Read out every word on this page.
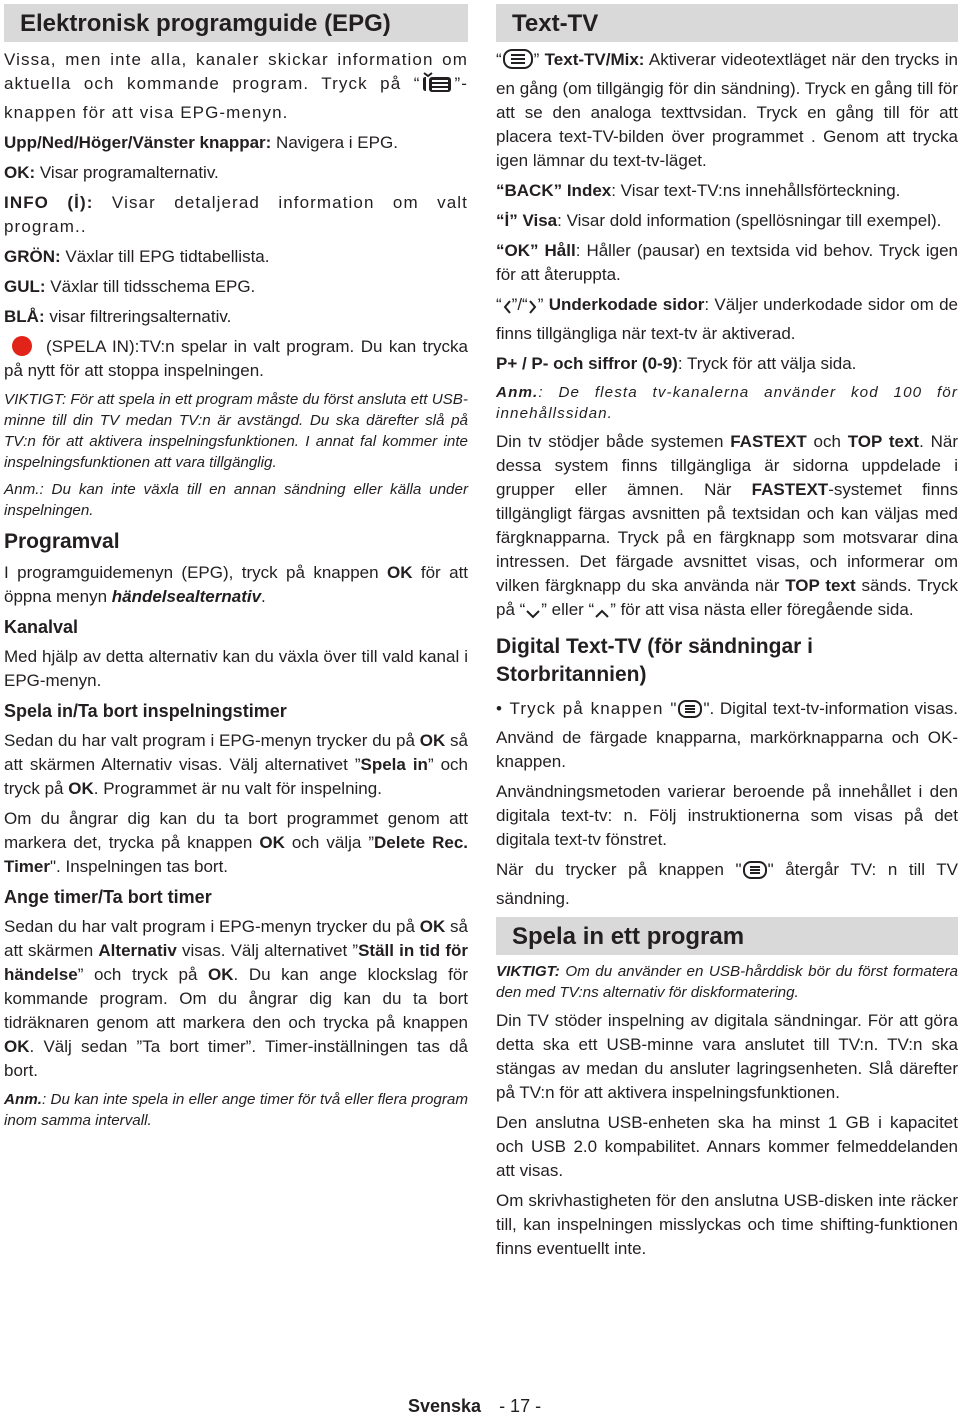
Elektronisk programguide (EPG)

Vissa, men inte alla, kanaler skickar information om aktuella och kommande program. Tryck på “ ”-knappen för att visa EPG-menyn.

Upp/Ned/Höger/Vänster knappar: Navigera i EPG.

OK: Visar programalternativ.

INFO (İ): Visar detaljerad information om valt program..

GRÖN: Växlar till EPG tidtabellista.

GUL: Växlar till tidsschema EPG.

BLÅ: visar filtreringsalternativ.

(SPELA IN):TV:n spelar in valt program. Du kan trycka på nytt för att stoppa inspelningen.

VIKTIGT: För att spela in ett program måste du först ansluta ett USB-minne till din TV medan TV:n är avstängd. Du ska därefter slå på TV:n för att aktivera inspelningsfunktionen. I annat fal kommer inte inspelningsfunktionen att vara tillgänglig.

Anm.: Du kan inte växla till en annan sändning eller källa under inspelningen.

Programval

I programguidemenyn (EPG), tryck på knappen OK för att öppna menyn händelsealternativ.

Kanalval

Med hjälp av detta alternativ kan du växla över till vald kanal i EPG-menyn.

Spela in/Ta bort inspelningstimer

Sedan du har valt program i EPG-menyn trycker du på OK så att skärmen Alternativ visas. Välj alternativet ”Spela in” och tryck på OK. Programmet är nu valt för inspelning.

Om du ångrar dig kan du ta bort programmet genom att markera det, trycka på knappen OK och välja ”Delete Rec. Timer". Inspelningen tas bort.

Ange timer/Ta bort timer

Sedan du har valt program i EPG-menyn trycker du på OK så att skärmen Alternativ visas. Välj alternativet ”Ställ in tid för händelse” och tryck på OK. Du kan ange klockslag för kommande program. Om du ångrar dig kan du ta bort tidräknaren genom att markera den och trycka på knappen OK. Välj sedan ”Ta bort timer”. Timer-inställningen tas då bort.

Anm.: Du kan inte spela in eller ange timer för två eller flera program inom samma intervall.

Text-TV

“ ” Text-TV/Mix: Aktiverar videotextläget när den trycks in en gång (om tillgängig för din sändning). Tryck en gång till för att se den analoga texttvsidan. Tryck en gång till för att placera text-TV-bilden över programmet . Genom att trycka igen lämnar du text-tv-läget.

“BACK” Index: Visar text-TV:ns innehållsförteckning.

“İ” Visa: Visar dold information (spellösningar till exempel).

“OK” Håll: Håller (pausar) en textsida vid behov. Tryck igen för att återuppta.

“ ”/“ ” Underkodade sidor: Väljer underkodade sidor om de finns tillgängliga när text-tv är aktiverad.

P+ / P- och siffror (0-9): Tryck för att välja sida.

Anm.: De flesta tv-kanalerna använder kod 100 för innehållssidan.

Din tv stödjer både systemen FASTEXT och TOP text. När dessa system finns tillgängliga är sidorna uppdelade i grupper eller ämnen. När FASTEXT-systemet finns tillgängligt färgas avsnitten på textsidan och kan väljas med färgknapparna. Tryck på en färgknapp som motsvarar dina intressen. Det färgade avsnittet visas, och informerar om vilken färgknapp du ska använda när TOP text sänds. Tryck på “ ” eller “ ” för att visa nästa eller föregående sida.

Digital Text-TV (för sändningar i Storbritannien)

• Tryck på knappen " ". Digital text-tv-information visas. Använd de färgade knapparna, markörknapparna och OK-knappen.

Användningsmetoden varierar beroende på innehållet i den digitala text-tv: n. Följ instruktionerna som visas på det digitala text-tv fönstret.

När du trycker på knappen " " återgår TV: n till TV sändning.

Spela in ett program

VIKTIGT: Om du använder en USB-hårddisk bör du först formatera den med TV:ns alternativ för diskformatering.

Din TV stöder inspelning av digitala sändningar. För att göra detta ska ett USB-minne vara anslutet till TV:n. TV:n ska stängas av medan du ansluter lagringsenheten. Slå därefter på TV:n för att aktivera inspelningsfunktionen.

Den anslutna USB-enheten ska ha minst 1 GB i kapacitet och USB 2.0 kompabilitet. Annars kommer felmeddelanden att visas.

Om skrivhastigheten för den anslutna USB-disken inte räcker till, kan inspelningen misslyckas och time shifting-funktionen finns eventuellt inte.

Svenska - 17 -
